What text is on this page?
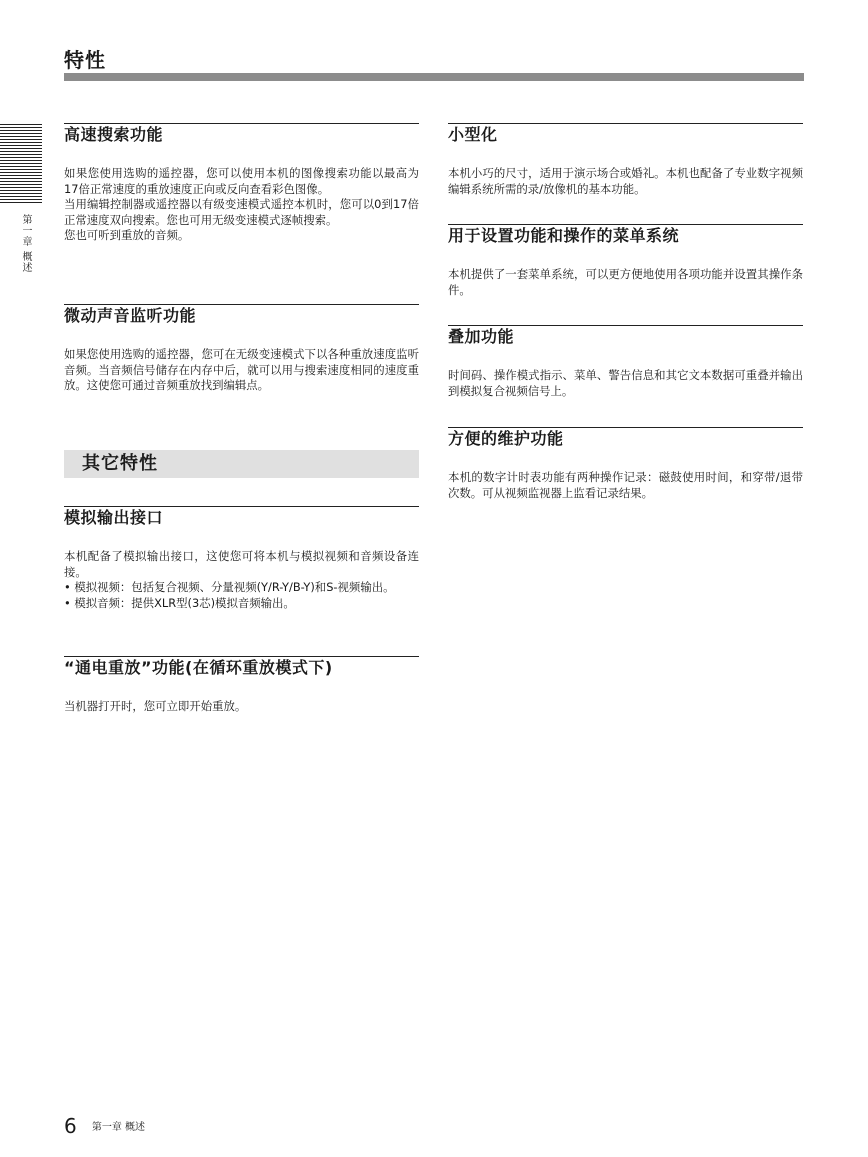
特性
第一章 概述
高速搜索功能

如果您使用选购的遥控器，您可以使用本机的图像搜索功能以最高为17倍正常速度的重放速度正向或反向查看彩色图像。

当用编辑控制器或遥控器以有级变速模式遥控本机时，您可以0到17倍正常速度双向搜索。您也可用无级变速模式逐帧搜索。

您也可听到重放的音频。

微动声音监听功能

如果您使用选购的遥控器，您可在无级变速模式下以各种重放速度监听音频。当音频信号储存在内存中后，就可以用与搜索速度相同的速度重放。这使您可通过音频重放找到编辑点。

其它特性
模拟输出接口

本机配备了模拟输出接口，这使您可将本机与模拟视频和音频设备连接。

• 模拟视频：包括复合视频、分量视频(Y/R-Y/B-Y)和S-视频输出。
• 模拟音频：提供XLR型(3芯)模拟音频输出。
“通电重放”功能(在循环重放模式下)

当机器打开时，您可立即开始重放。

小型化

本机小巧的尺寸，适用于演示场合或婚礼。本机也配备了专业数字视频编辑系统所需的录/放像机的基本功能。

用于设置功能和操作的菜单系统

本机提供了一套菜单系统，可以更方便地使用各项功能并设置其操作条件。

叠加功能

时间码、操作模式指示、菜单、警告信息和其它文本数据可重叠并输出到模拟复合视频信号上。

方便的维护功能

本机的数字计时表功能有两种操作记录：磁鼓使用时间，和穿带/退带次数。可从视频监视器上监看记录结果。

6 第一章 概述
